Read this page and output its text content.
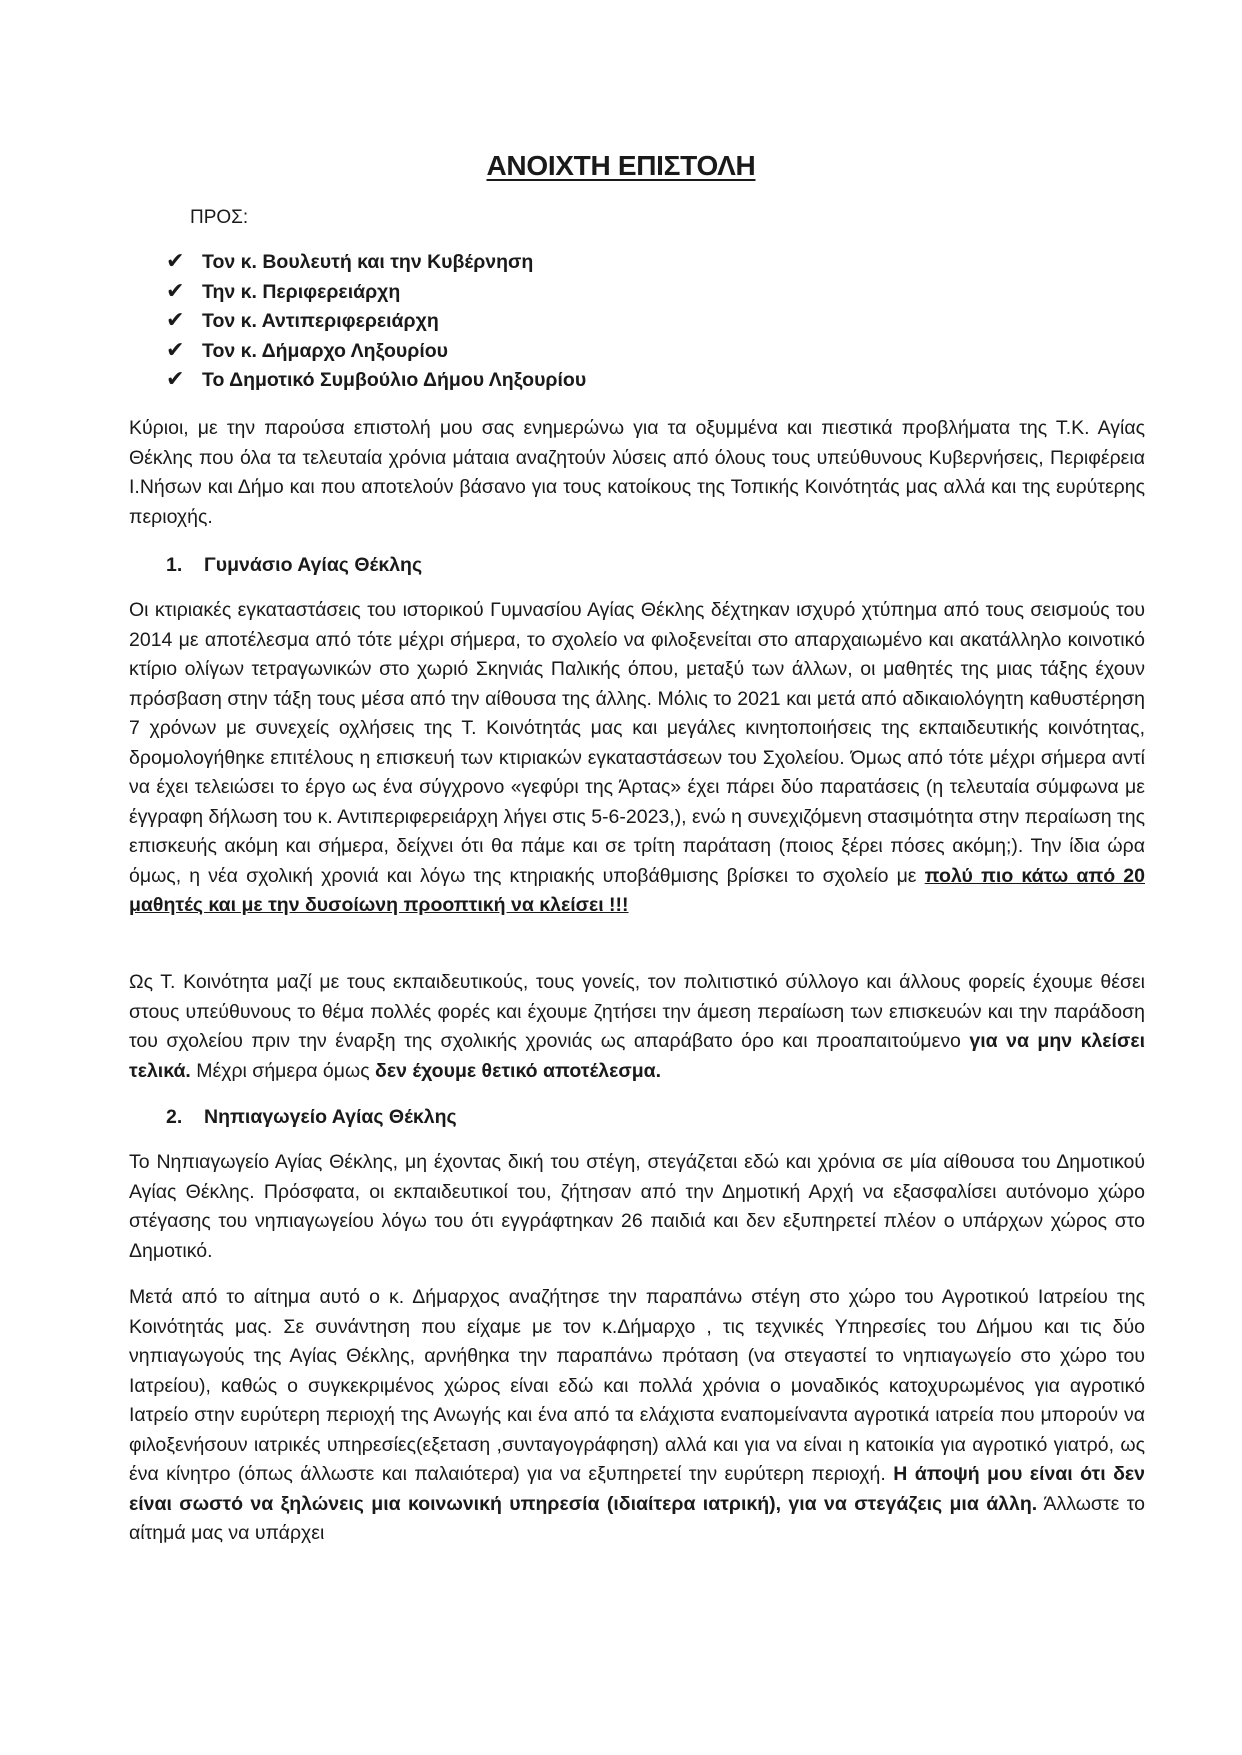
ΑΝΟΙΧΤΗ ΕΠΙΣΤΟΛΗ
ΠΡΟΣ:
✔ Τον κ. Βουλευτή και την Κυβέρνηση
✔ Την κ. Περιφερειάρχη
✔ Τον κ. Αντιπεριφερειάρχη
✔ Τον κ. Δήμαρχο Ληξουρίου
✔ Το Δημοτικό Συμβούλιο Δήμου Ληξουρίου

Κύριοι, με την παρούσα επιστολή μου σας ενημερώνω για τα οξυμμένα και πιεστικά προβλήματα της Τ.Κ. Αγίας Θέκλης που όλα τα τελευταία χρόνια μάταια αναζητούν λύσεις από όλους τους υπεύθυνους Κυβερνήσεις, Περιφέρεια Ι.Νήσων και Δήμο και που αποτελούν βάσανο για τους κατοίκους της Τοπικής Κοινότητάς μας αλλά και της ευρύτερης περιοχής.

1. Γυμνάσιο Αγίας Θέκλης

Οι κτιριακές εγκαταστάσεις του ιστορικού Γυμνασίου Αγίας Θέκλης δέχτηκαν ισχυρό χτύπημα από τους σεισμούς του 2014 με αποτέλεσμα από τότε μέχρι σήμερα, το σχολείο να φιλοξενείται στο απαρχαιωμένο και ακατάλληλο κοινοτικό κτίριο ολίγων τετραγωνικών στο χωριό Σκηνιάς Παλικής όπου, μεταξύ των άλλων, οι μαθητές της μιας τάξης έχουν πρόσβαση στην τάξη τους μέσα από την αίθουσα της άλλης. Μόλις το 2021 και μετά από αδικαιολόγητη καθυστέρηση 7 χρόνων με συνεχείς οχλήσεις της Τ. Κοινότητάς μας και μεγάλες κινητοποιήσεις της εκπαιδευτικής κοινότητας, δρομολογήθηκε επιτέλους η επισκευή των κτιριακών εγκαταστάσεων του Σχολείου. Όμως από τότε μέχρι σήμερα αντί να έχει τελειώσει το έργο ως ένα σύγχρονο «γεφύρι της Άρτας» έχει πάρει δύο παρατάσεις (η τελευταία σύμφωνα με έγγραφη δήλωση του κ. Αντιπεριφερειάρχη λήγει στις 5-6-2023,), ενώ η συνεχιζόμενη στασιμότητα στην περαίωση της επισκευής ακόμη και σήμερα, δείχνει ότι θα πάμε και σε τρίτη παράταση (ποιος ξέρει πόσες ακόμη;). Την ίδια ώρα όμως, η νέα σχολική χρονιά και λόγω της κτηριακής υποβάθμισης βρίσκει το σχολείο με πολύ πιο κάτω από 20 μαθητές και με την δυσοίωνη προοπτική να κλείσει !!!

Ως Τ. Κοινότητα μαζί με τους εκπαιδευτικούς, τους γονείς, τον πολιτιστικό σύλλογο και άλλους φορείς έχουμε θέσει στους υπεύθυνους το θέμα πολλές φορές και έχουμε ζητήσει την άμεση περαίωση των επισκευών και την παράδοση του σχολείου πριν την έναρξη της σχολικής χρονιάς ως απαράβατο όρο και προαπαιτούμενο για να μην κλείσει τελικά. Μέχρι σήμερα όμως δεν έχουμε θετικό αποτέλεσμα.

2. Νηπιαγωγείο Αγίας Θέκλης

Το Νηπιαγωγείο Αγίας Θέκλης, μη έχοντας δική του στέγη, στεγάζεται εδώ και χρόνια σε μία αίθουσα του Δημοτικού Αγίας Θέκλης. Πρόσφατα, οι εκπαιδευτικοί του, ζήτησαν από την Δημοτική Αρχή να εξασφαλίσει αυτόνομο χώρο στέγασης του νηπιαγωγείου λόγω του ότι εγγράφτηκαν 26 παιδιά και δεν εξυπηρετεί πλέον ο υπάρχων χώρος στο Δημοτικό.

Μετά από το αίτημα αυτό ο κ. Δήμαρχος αναζήτησε την παραπάνω στέγη στο χώρο του Αγροτικού Ιατρείου της Κοινότητάς μας. Σε συνάντηση που είχαμε με τον κ.Δήμαρχο , τις τεχνικές Υπηρεσίες του Δήμου και τις δύο νηπιαγωγούς της Αγίας Θέκλης, αρνήθηκα την παραπάνω πρόταση (να στεγαστεί το νηπιαγωγείο στο χώρο του Ιατρείου), καθώς ο συγκεκριμένος χώρος είναι εδώ και πολλά χρόνια ο μοναδικός κατοχυρωμένος για αγροτικό Ιατρείο στην ευρύτερη περιοχή της Ανωγής και ένα από τα ελάχιστα εναπομείναντα αγροτικά ιατρεία που μπορούν να φιλοξενήσουν ιατρικές υπηρεσίες(εξεταση ,συνταγογράφηση) αλλά και για να είναι η κατοικία για αγροτικό γιατρό, ως ένα κίνητρο (όπως άλλωστε και παλαιότερα) για να εξυπηρετεί την ευρύτερη περιοχή. Η άποψή μου είναι ότι δεν είναι σωστό να ξηλώνεις μια κοινωνική υπηρεσία (ιδιαίτερα ιατρική), για να στεγάζεις μια άλλη. Άλλωστε το αίτημά μας να υπάρχει
